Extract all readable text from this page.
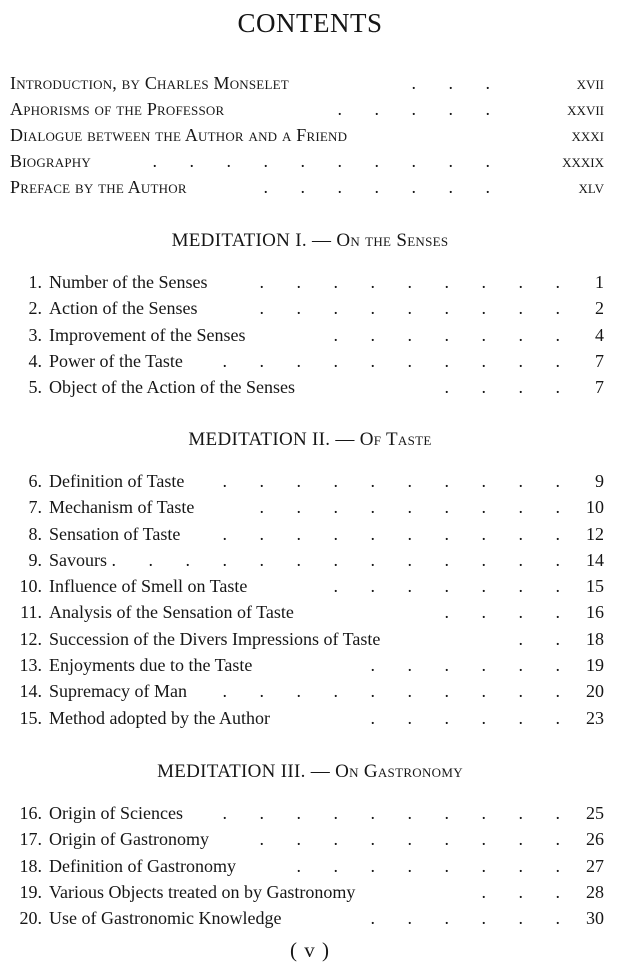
CONTENTS
Introduction, by Charles Monselet	. . .	xvii
Aphorisms of the Professor	. . . . .	xxvii
Dialogue between the Author and a Friend	xxxi
Biography	. . . . . . . . . .	xxxix
Preface by the Author	. . . . . . .	xlv
MEDITATION I. — On the Senses
1. Number of the Senses	. . . . . . . . . 1
2. Action of the Senses	. . . . . . . . . 2
3. Improvement of the Senses	. . . . . . . 4
4. Power of the Taste . . . . . . . . . . 7
5. Object of the Action of the Senses	. . . . 7
MEDITATION II. — Of Taste
6. Definition of Taste . . . . . . . . . . 9
7. Mechanism of Taste	. . . . . . . . . 10
8. Sensation of Taste . . . . . . . . . . 12
9. Savours . . . . . . . . . . . . . 14
10. Influence of Smell on Taste	. . . . . . . 15
11. Analysis of the Sensation of Taste	. . . . 16
12. Succession of the Divers Impressions of Taste	. . 18
13. Enjoyments due to the Taste	. . . . . . 19
14. Supremacy of Man . . . . . . . . . . 20
15. Method adopted by the Author	. . . . . . 23
MEDITATION III. — On Gastronomy
16. Origin of Sciences . . . . . . . . . . 25
17. Origin of Gastronomy	. . . . . . . . . 26
18. Definition of Gastronomy	. . . . . . . . 27
19. Various Objects treated on by Gastronomy	. . . 28
20. Use of Gastronomic Knowledge	. . . . . . 30
( v )
